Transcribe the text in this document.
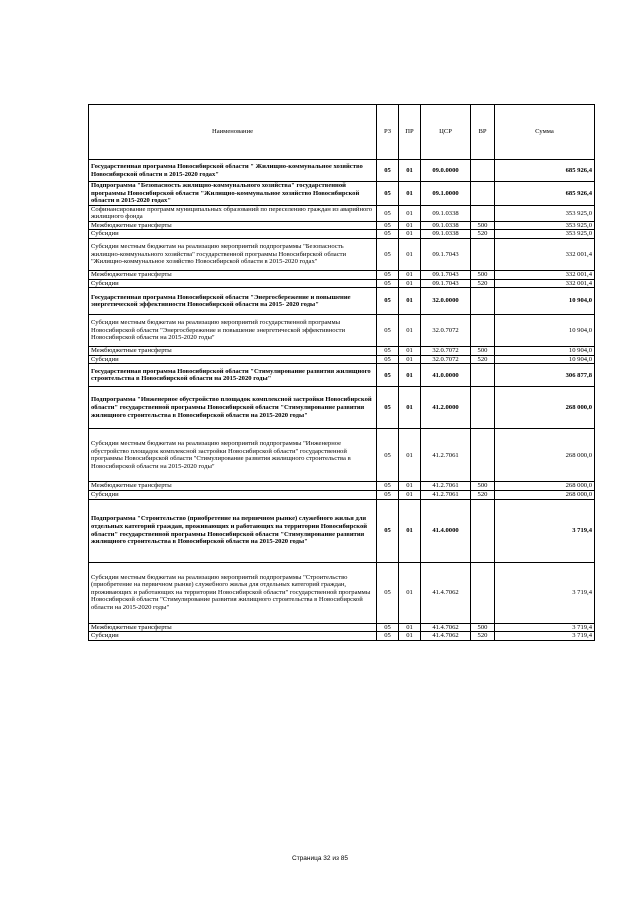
Наименование	РЗ	ПР	ЦСР	ВР	Сумма
Государственная программа Новосибирской области " Жилищно-коммунальное хозяйство Новосибирской области в 2015-2020 годах"	05	01	09.0.0000		685 926,4
Подпрограмма "Безопасность жилищно-коммунального хозяйства" государственной программы Новосибирской области "Жилищно-коммунальное хозяйство Новосибирской области в 2015-2020 годах"	05	01	09.1.0000		685 926,4
Софинансирование программ муниципальных образований по переселению граждан из аварийного жилищного фонда	05	01	09.1.0338		353 925,0
Межбюджетные трансферты	05	01	09.1.0338	500	353 925,0
Субсидии	05	01	09.1.0338	520	353 925,0
Субсидии местным бюджетам на реализацию мероприятий подпрограммы "Безопасность жилищно-коммунального хозяйства" государственной программы Новосибирской области "Жилищно-коммунальное хозяйство Новосибирской области в 2015-2020 годах"	05	01	09.1.7043		332 001,4
Межбюджетные трансферты	05	01	09.1.7043	500	332 001,4
Субсидии	05	01	09.1.7043	520	332 001,4
Государственная программа Новосибирской области "Энергосбережение и повышение энергетической эффективности Новосибирской области на 2015- 2020 годы"	05	01	32.0.0000		10 904,0
Субсидии местным бюджетам на реализацию мероприятий государственной программы Новосибирской области "Энергосбережение и повышение энергетической эффективности Новосибирской области на 2015-2020 годы"	05	01	32.0.7072		10 904,0
Межбюджетные трансферты	05	01	32.0.7072	500	10 904,0
Субсидии	05	01	32.0.7072	520	10 904,0
Государственная программа Новосибирской области "Стимулирование развития жилищного строительства в Новосибирской области на 2015-2020 годы"	05	01	41.0.0000		306 877,8
Подпрограмма "Инженерное обустройство площадок комплексной застройки Новосибирской области" государственной программы Новосибирской области "Стимулирование развития жилищного строительства в Новосибирской области на 2015-2020 годы"	05	01	41.2.0000		268 000,0
Субсидии местным бюджетам на реализацию мероприятий подпрограммы "Инженерное обустройство площадок комплексной застройки Новосибирской области" государственной программы Новосибирской области "Стимулирование развития жилищного строительства в Новосибирской области на 2015-2020 годы"	05	01	41.2.7061		268 000,0
Межбюджетные трансферты	05	01	41.2.7061	500	268 000,0
Субсидии	05	01	41.2.7061	520	268 000,0
Подпрограмма "Строительство (приобретение на первичном рынке) служебного жилья для отдельных категорий граждан, проживающих и работающих на территории Новосибирской области" государственной программы Новосибирской области "Стимулирование развития жилищного строительства в Новосибирской области на 2015-2020 годы"	05	01	41.4.0000		3 719,4
Субсидии местным бюджетам на реализацию мероприятий подпрограммы "Строительство (приобретение на первичном рынке) служебного жилья для отдельных категорий граждан, проживающих и работающих на территории Новосибирской области" государственной программы Новосибирской области "Стимулирование развития жилищного строительства в Новосибирской области на 2015-2020 годы"	05	01	41.4.7062		3 719,4
Межбюджетные трансферты	05	01	41.4.7062	500	3 719,4
Субсидии	05	01	41.4.7062	520	3 719,4
Страница 32 из 85
